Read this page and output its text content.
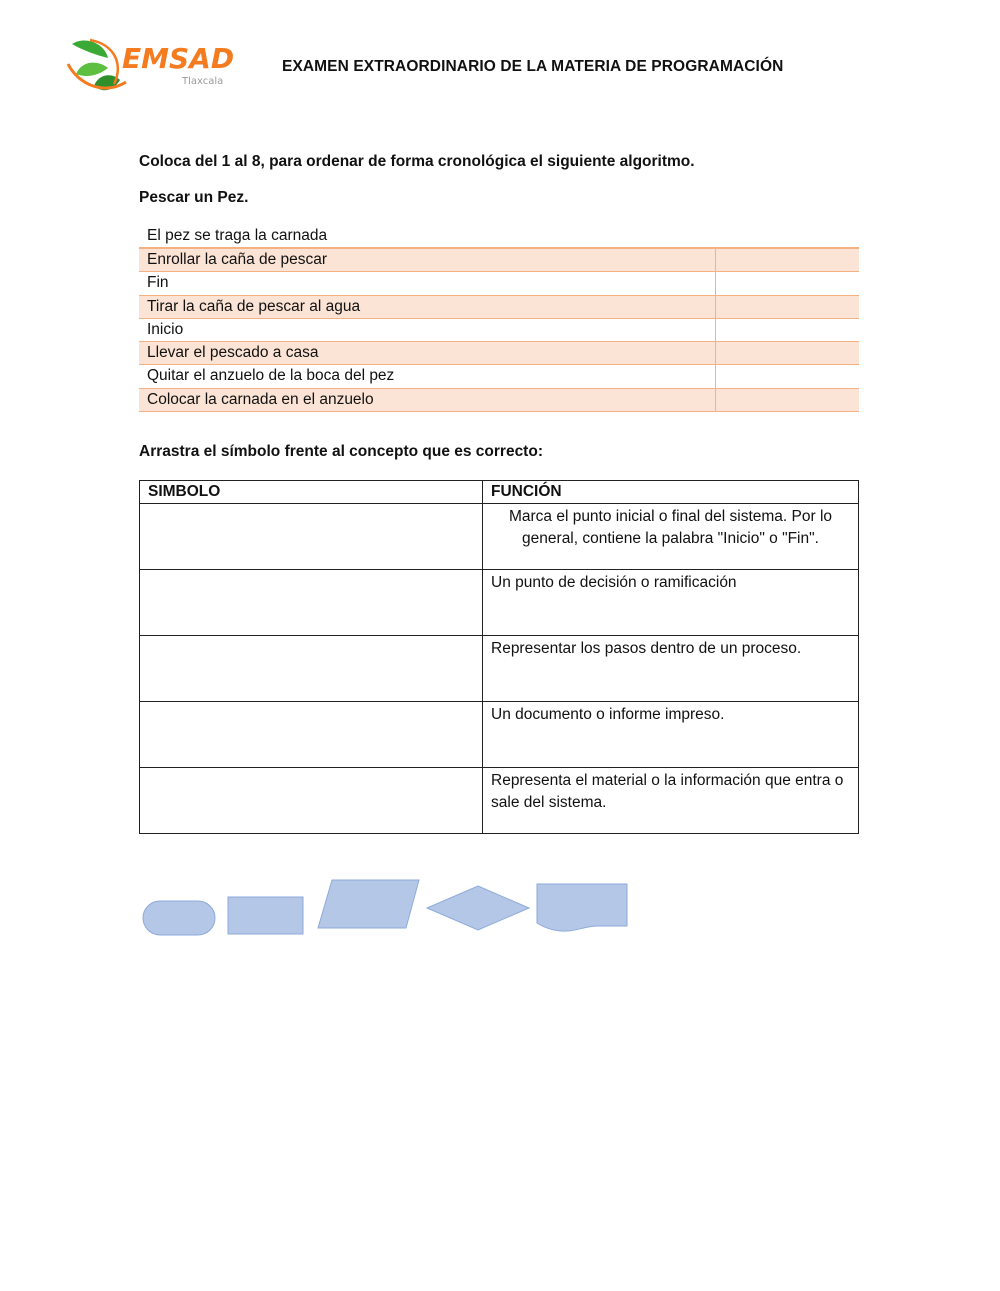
EMSAD
Tlaxcala
EXAMEN EXTRAORDINARIO DE LA MATERIA DE PROGRAMACIÓN
Coloca del 1 al 8, para ordenar de forma cronológica el siguiente algoritmo.
Pescar un Pez.
El pez se traga la carnada
Enrollar la caña de pescar
Fin
Tirar la caña de pescar al agua
Inicio
Llevar el pescado a casa
Quitar el anzuelo de la boca del pez
Colocar la carnada en el anzuelo
Arrastra el símbolo frente al concepto que es correcto:
SIMBOLO	FUNCIÓN
	Marca el punto inicial o final del sistema. Por lo general, contiene la palabra "Inicio" o "Fin".
	Un punto de decisión o ramificación
	Representar los pasos dentro de un proceso.
	Un documento o informe impreso.
	Representa el material o la información que entra o sale del sistema.
